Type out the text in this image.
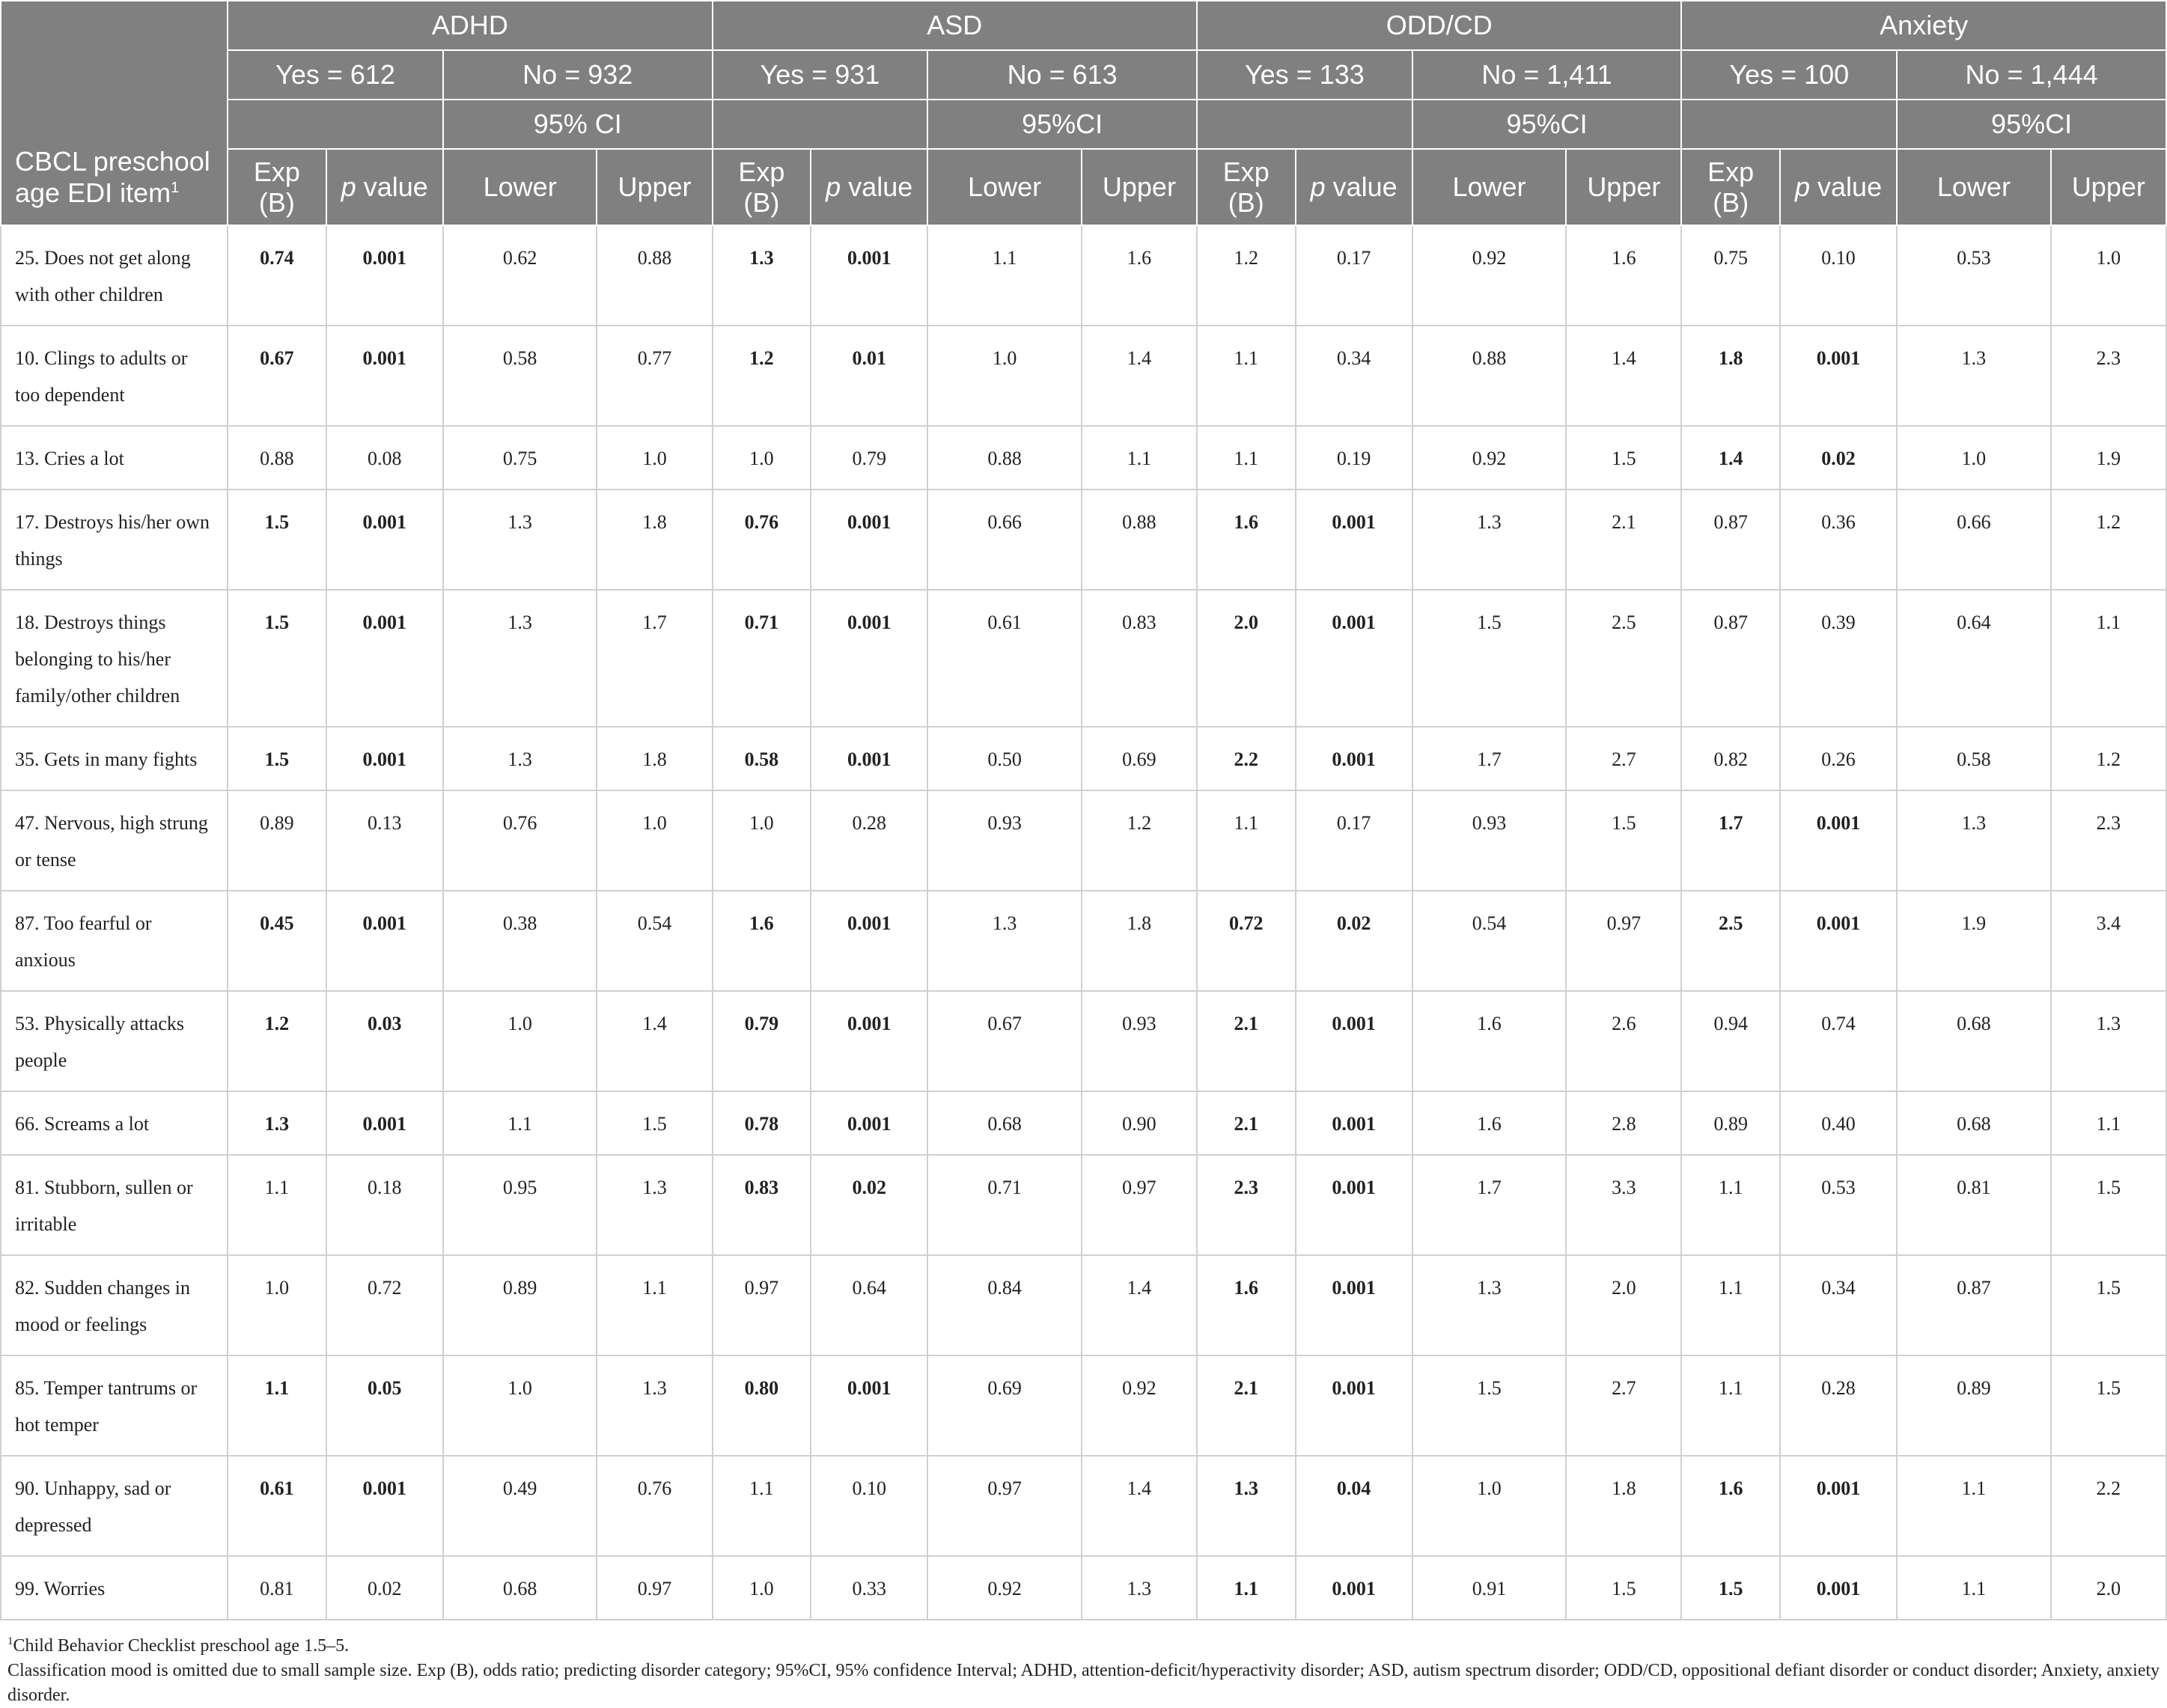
CBCL preschool age EDI item$^1$	ADHD				ASD				ODD/CD				Anxiety			
	Yes = 612		No = 932		Yes = 931		No = 613		Yes = 133		No = 1,411		Yes = 100		No = 1,444	
			95% CI				95%CI				95%CI				95%CI	
	Exp (B)	p value	Lower	Upper	Exp (B)	p value	Lower	Upper	Exp (B)	p value	Lower	Upper	Exp (B)	p value	Lower	Upper
25. Does not get along with other children	0.74	0.001	0.62	0.88	1.3	0.001	1.1	1.6	1.2	0.17	0.92	1.6	0.75	0.10	0.53	1.0
10. Clings to adults or too dependent	0.67	0.001	0.58	0.77	1.2	0.01	1.0	1.4	1.1	0.34	0.88	1.4	1.8	0.001	1.3	2.3
13. Cries a lot	0.88	0.08	0.75	1.0	1.0	0.79	0.88	1.1	1.1	0.19	0.92	1.5	1.4	0.02	1.0	1.9
17. Destroys his/her own things	1.5	0.001	1.3	1.8	0.76	0.001	0.66	0.88	1.6	0.001	1.3	2.1	0.87	0.36	0.66	1.2
18. Destroys things belonging to his/her family/other children	1.5	0.001	1.3	1.7	0.71	0.001	0.61	0.83	2.0	0.001	1.5	2.5	0.87	0.39	0.64	1.1
35. Gets in many fights	1.5	0.001	1.3	1.8	0.58	0.001	0.50	0.69	2.2	0.001	1.7	2.7	0.82	0.26	0.58	1.2
47. Nervous, high strung or tense	0.89	0.13	0.76	1.0	1.0	0.28	0.93	1.2	1.1	0.17	0.93	1.5	1.7	0.001	1.3	2.3
87. Too fearful or anxious	0.45	0.001	0.38	0.54	1.6	0.001	1.3	1.8	0.72	0.02	0.54	0.97	2.5	0.001	1.9	3.4
53. Physically attacks people	1.2	0.03	1.0	1.4	0.79	0.001	0.67	0.93	2.1	0.001	1.6	2.6	0.94	0.74	0.68	1.3
66. Screams a lot	1.3	0.001	1.1	1.5	0.78	0.001	0.68	0.90	2.1	0.001	1.6	2.8	0.89	0.40	0.68	1.1
81. Stubborn, sullen or irritable	1.1	0.18	0.95	1.3	0.83	0.02	0.71	0.97	2.3	0.001	1.7	3.3	1.1	0.53	0.81	1.5
82. Sudden changes in mood or feelings	1.0	0.72	0.89	1.1	0.97	0.64	0.84	1.4	1.6	0.001	1.3	2.0	1.1	0.34	0.87	1.5
85. Temper tantrums or hot temper	1.1	0.05	1.0	1.3	0.80	0.001	0.69	0.92	2.1	0.001	1.5	2.7	1.1	0.28	0.89	1.5
90. Unhappy, sad or depressed	0.61	0.001	0.49	0.76	1.1	0.10	0.97	1.4	1.3	0.04	1.0	1.8	1.6	0.001	1.1	2.2
99. Worries	0.81	0.02	0.68	0.97	1.0	0.33	0.92	1.3	1.1	0.001	0.91	1.5	1.5	0.001	1.1	2.0
$^1$Child Behavior Checklist preschool age 1.5–5.
Classification mood is omitted due to small sample size. Exp (B), odds ratio; predicting disorder category; 95%CI, 95% confidence Interval; ADHD, attention-deficit/hyperactivity disorder; ASD, autism spectrum disorder; ODD/CD, oppositional defiant disorder or conduct disorder; Anxiety, anxiety disorder.
